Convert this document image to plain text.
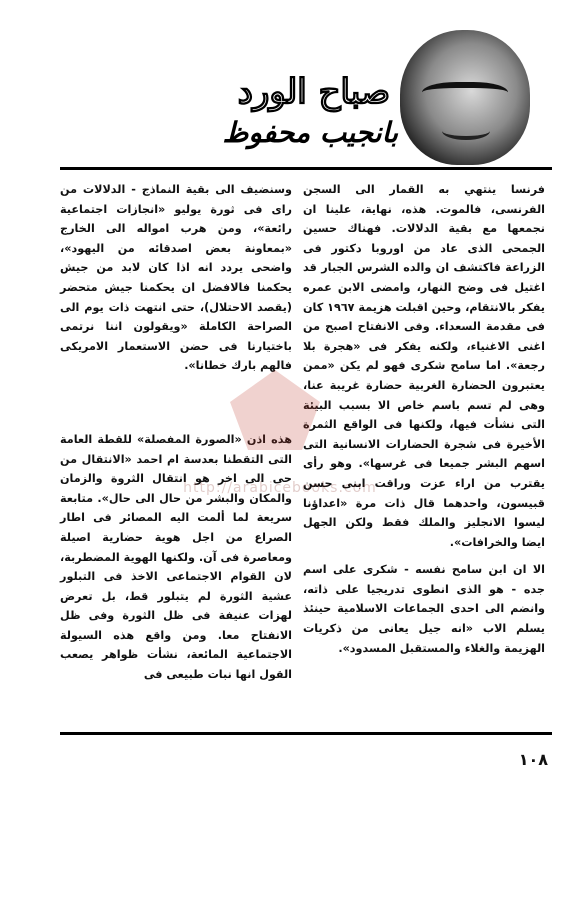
صباح الورد
بانجيب محفوظ

فرنسا ينتهي به القمار الى السجن الفرنسى، فالموت. هذه، نهاية، علينا ان نجمعها مع بقية الدلالات. فهناك حسين الجمحى الذى عاد من اوروبا دكتور فى الزراعة فاكتشف ان والده الشرس الجبار قد اغتيل فى وضح النهار، وامضى الابن عمره يفكر بالانتقام، وحين اقبلت هزيمة ١٩٦٧ كان فى مقدمة السعداء. وفى الانفتاح اصبح من اغنى الاغنياء، ولكنه يفكر فى «هجرة بلا رجعة». اما سامح شكرى فهو لم يكن «ممن يعتبرون الحضارة الغربية حضارة غريبة عنا، وهى لم تسم باسم خاص الا بسبب البيئة التى نشأت فيها، ولكنها فى الواقع الثمرة الأخيرة فى شجرة الحضارات الانسانية التى اسهم البشر جميعا فى غرسها». وهو رأى يقترب من اراء عزت وراقت ابنى حسن قبيسون، واحدهما قال ذات مرة «اعداؤنا ليسوا الانجليز والملك فقط ولكن الجهل ايضا والخرافات».

الا ان ابن سامح نفسه - شكرى على اسم جده - هو الذى انطوى تدريجيا على ذاته، وانضم الى احدى الجماعات الاسلامية حينئذ يسلم الاب «انه جيل يعانى من ذكريات الهزيمة والغلاء والمستقبل المسدود».

وسنضيف الى بقية النماذج - الدلالات من راى فى ثورة يوليو «انجازات اجتماعية رائعة»، ومن هرب امواله الى الخارج «بمعاونة بعض اصدقائه من اليهود»، واضحى يردد انه اذا كان لابد من جيش يحكمنا فالافضل ان يحكمنا جيش متحضر (يقصد الاحتلال)، حتى انتهت ذات يوم الى الصراحة الكاملة «ويقولون اننا نرتمى باختيارنا فى حضن الاستعمار الامريكى فالهم بارك خطانا».

هذه اذن «الصورة المفصلة» للقطة العامة التى التقطنا بعدسة ام احمد «الانتقال من حى الى اخر هو انتقال الثروة والزمان والمكان والبشر من حال الى حال». متابعة سريعة لما ألمت اليه المصائر فى اطار الصراع من اجل هوية حضارية اصيلة ومعاصرة فى آن. ولكنها الهوية المضطربة، لان القوام الاجتماعى الاخذ فى التبلور عشية الثورة لم يتبلور قط، بل تعرض لهزات عنيفة فى ظل الثورة وفى ظل الانفتاح معا. ومن واقع هذه السيولة الاجتماعية المائعة، نشأت ظواهر يصعب القول انها نبات طبيعى فى

http://arabicebooks.com
١٠٨
